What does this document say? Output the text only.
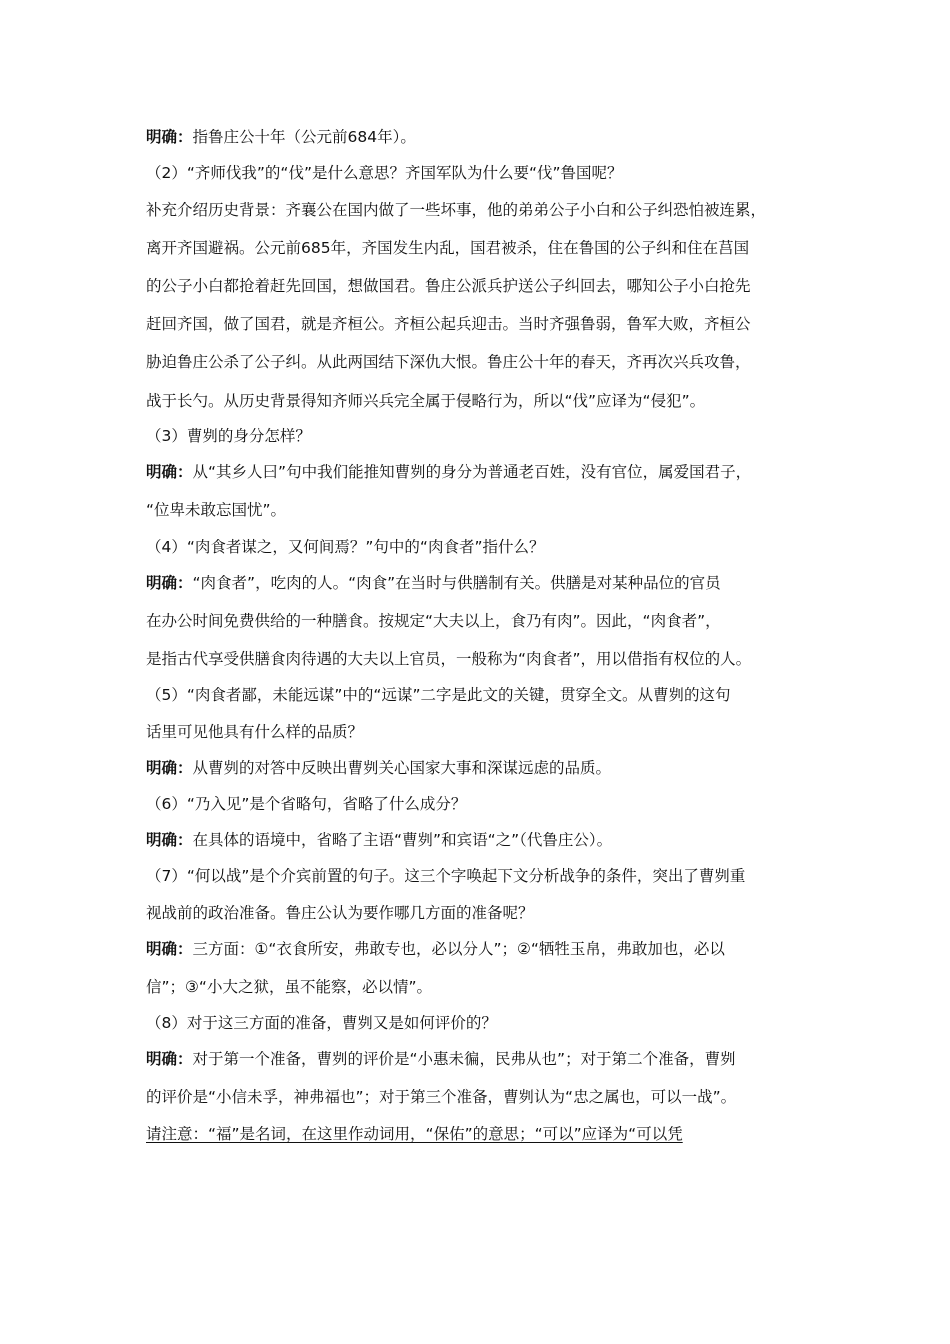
明确：指鲁庄公十年（公元前684年）。
（2）“齐师伐我”的“伐”是什么意思？齐国军队为什么要“伐”鲁国呢？
补充介绍历史背景：齐襄公在国内做了一些坏事，他的弟弟公子小白和公子纠恐怕被连累，
离开齐国避祸。公元前685年，齐国发生内乱，国君被杀，住在鲁国的公子纠和住在莒国
的公子小白都抢着赶先回国，想做国君。鲁庄公派兵护送公子纠回去，哪知公子小白抢先
赶回齐国，做了国君，就是齐桓公。齐桓公起兵迎击。当时齐强鲁弱，鲁军大败，齐桓公
胁迫鲁庄公杀了公子纠。从此两国结下深仇大恨。鲁庄公十年的春天，齐再次兴兵攻鲁，
战于长勺。从历史背景得知齐师兴兵完全属于侵略行为，所以“伐”应译为“侵犯”。
（3）曹刿的身分怎样？
明确：从“其乡人曰”句中我们能推知曹刿的身分为普通老百姓，没有官位，属爱国君子，
“位卑未敢忘国忧”。
（4）“肉食者谋之，又何间焉？”句中的“肉食者”指什么？
明确：“肉食者”，吃肉的人。“肉食”在当时与供膳制有关。供膳是对某种品位的官员
在办公时间免费供给的一种膳食。按规定“大夫以上，食乃有肉”。因此，“肉食者”，
是指古代享受供膳食肉待遇的大夫以上官员，一般称为“肉食者”，用以借指有权位的人。
（5）“肉食者鄙，未能远谋”中的“远谋”二字是此文的关键，贯穿全文。从曹刿的这句
话里可见他具有什么样的品质？
明确：从曹刿的对答中反映出曹刿关心国家大事和深谋远虑的品质。
（6）“乃入见”是个省略句，省略了什么成分？
明确：在具体的语境中，省略了主语“曹刿”和宾语“之”（代鲁庄公）。
（7）“何以战”是个介宾前置的句子。这三个字唤起下文分析战争的条件，突出了曹刿重
视战前的政治准备。鲁庄公认为要作哪几方面的准备呢？
明确：三方面：①“衣食所安，弗敢专也，必以分人”；②“牺牲玉帛，弗敢加也，必以
信”；③“小大之狱，虽不能察，必以情”。
（8）对于这三方面的准备，曹刿又是如何评价的？
明确：对于第一个准备，曹刿的评价是“小惠未徧，民弗从也”；对于第二个准备，曹刿
的评价是“小信未孚，神弗福也”；对于第三个准备，曹刿认为“忠之属也，可以一战”。
请注意：“福”是名词，在这里作动词用，“保佑”的意思；“可以”应译为“可以凭
